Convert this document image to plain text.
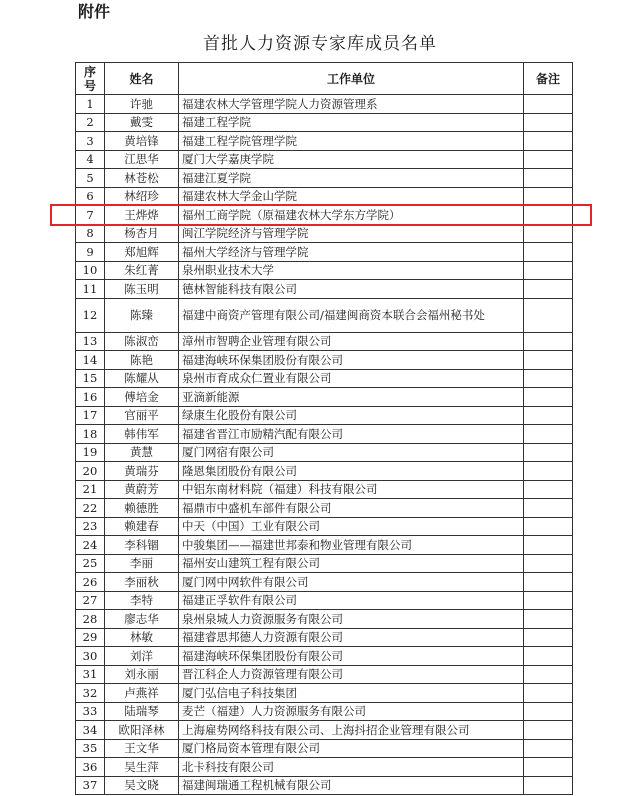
附件
首批人力资源专家库成员名单
序号	姓名	工作单位	备注
1	许驰	福建农林大学管理学院人力资源管理系	
2	戴雯	福建工程学院	
3	黄培锋	福建工程学院管理学院	
4	江思华	厦门大学嘉庚学院	
5	林苍松	福建江夏学院	
6	林绍珍	福建农林大学金山学院	
7	王烨烨	福州工商学院（原福建农林大学东方学院）	
8	杨杏月	闽江学院经济与管理学院	
9	郑旭辉	福州大学经济与管理学院	
10	朱红菁	泉州职业技术大学	
11	陈玉明	德林智能科技有限公司	
12	陈臻	福建中商资产管理有限公司/福建闽商资本联合会福州秘书处	
13	陈淑峦	漳州市智聘企业管理有限公司	
14	陈艳	福建海峡环保集团股份有限公司	
15	陈耀从	泉州市育成众仁置业有限公司	
16	傅培金	亚滴新能源	
17	官丽平	绿康生化股份有限公司	
18	韩伟军	福建省晋江市励精汽配有限公司	
19	黄慧	厦门网宿有限公司	
20	黄瑞芬	隆恩集团股份有限公司	
21	黄蔚芳	中铝东南材料院（福建）科技有限公司	
22	赖德胜	福鼎市中盛机车部件有限公司	
23	赖建春	中天（中国）工业有限公司	
24	李科锢	中骏集团——福建世邦泰和物业管理有限公司	
25	李丽	福州安山建筑工程有限公司	
26	李丽秋	厦门网中网软件有限公司	
27	李特	福建正孚软件有限公司	
28	廖志华	泉州泉城人力资源服务有限公司	
29	林敏	福建睿思邦德人力资源有限公司	
30	刘洋	福建海峡环保集团股份有限公司	
31	刘永丽	晋江科企人力资源管理有限公司	
32	卢燕祥	厦门弘信电子科技集团	
33	陆瑞琴	麦芒（福建）人力资源服务有限公司	
34	欧阳泽林	上海雇势网络科技有限公司、上海抖招企业管理有限公司	
35	王文华	厦门格局资本管理有限公司	
36	吴生萍	北卡科技有限公司	
37	吴文晓	福建闽瑞通工程机械有限公司	
